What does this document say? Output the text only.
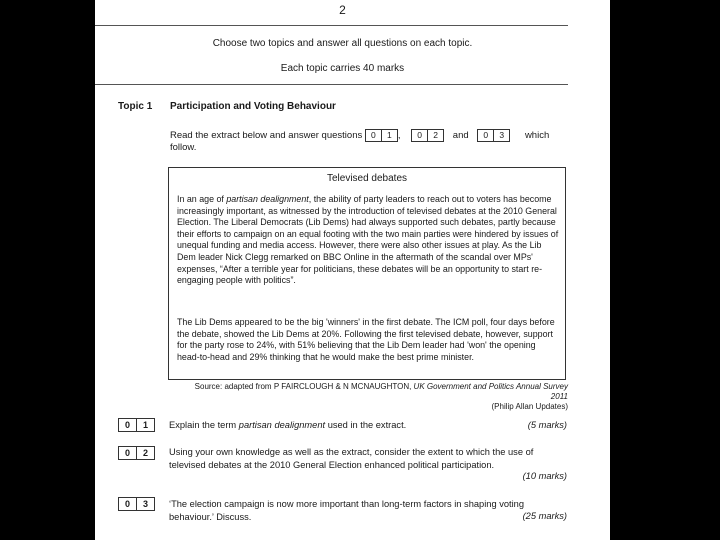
2
Choose two topics and answer all questions on each topic.
Each topic carries 40 marks
Topic 1 Participation and Voting Behaviour
Read the extract below and answer questions	0	1 ,	0	2	and	0	3	which
follow.
Televised debates
In an age of partisan dealignment, the ability of party leaders to reach out to voters has become increasingly important, as witnessed by the introduction of televised debates at the 2010 General Election. The Liberal Democrats (Lib Dems) had always supported such debates, partly because their efforts to campaign on an equal footing with the two main parties were hindered by issues of unequal funding and media access. However, there were also other issues at play. As the Lib Dem leader Nick Clegg remarked on BBC Online in the aftermath of the scandal over MPs' expenses, “After a terrible year for politicians, these debates will be an opportunity to start re-engaging people with politics”.
The Lib Dems appeared to be the big 'winners' in the first debate. The ICM poll, four days before the debate, showed the Lib Dems at 20%. Following the first televised debate, however, support for the party rose to 24%, with 51% believing that the Lib Dem leader had 'won' the opening head-to-head and 29% thinking that he would make the best prime minister.
Source: adapted from P FAIRCLOUGH & N MCNAUGHTON, UK Government and Politics Annual Survey 2011
(Philip Allan Updates)
0	1	Explain the term partisan dealignment used in the extract.	(5 marks)
0	2	Using your own knowledge as well as the extract, consider the extent to which the use of televised debates at the 2010 General Election enhanced political participation.
(10 marks)
0	3	‘The election campaign is now more important than long-term factors in shaping voting behaviour.’ Discuss.	(25 marks)
